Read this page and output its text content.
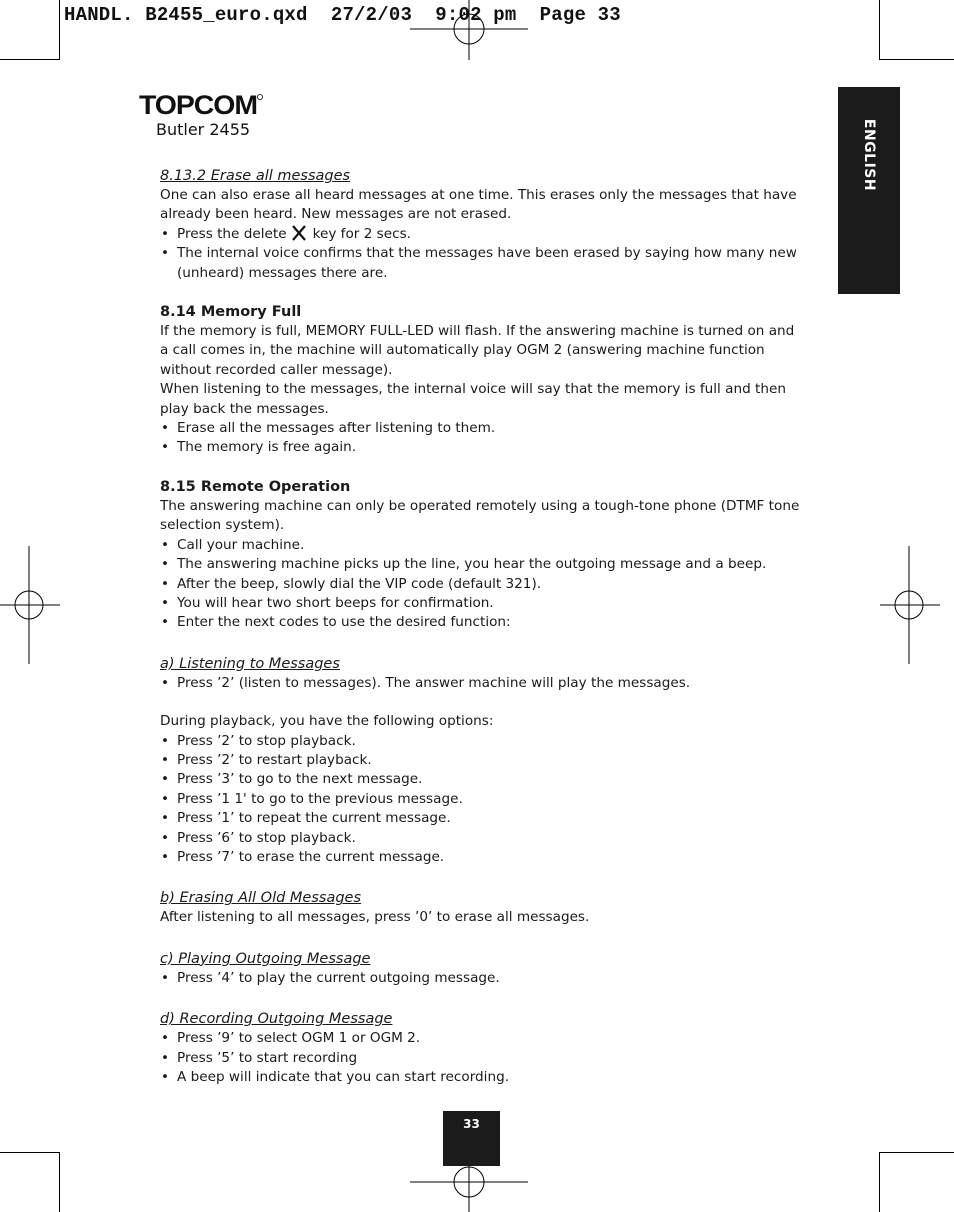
HANDL. B2455_euro.qxd  27/2/03  9:02 pm  Page 33
TOPCOM
Butler 2455	ENGLISH
8.13.2 Erase all messages

One can also erase all heard messages at one time. This erases only the messages that have already been heard. New messages are not erased.

• Press the delete key for 2 secs.
• The internal voice confirms that the messages have been erased by saying how many new (unheard) messages there are.
8.14 Memory Full

If the memory is full, MEMORY FULL-LED will flash. If the answering machine is turned on and a call comes in, the machine will automatically play OGM 2 (answering machine function without recorded caller message).

When listening to the messages, the internal voice will say that the memory is full and then play back the messages.

• Erase all the messages after listening to them.
• The memory is free again.
8.15 Remote Operation

The answering machine can only be operated remotely using a tough-tone phone (DTMF tone selection system).

• Call your machine.
• The answering machine picks up the line, you hear the outgoing message and a beep.
• After the beep, slowly dial the VIP code (default 321).
• You will hear two short beeps for confirmation.
• Enter the next codes to use the desired function:
a) Listening to Messages
• Press ’2’ (listen to messages). The answer machine will play the messages.

During playback, you have the following options:

• Press ’2’ to stop playback.
• Press ’2’ to restart playback.
• Press ’3’ to go to the next message.
• Press ’1 1' to go to the previous message.
• Press ’1’ to repeat the current message.
• Press ’6’ to stop playback.
• Press ’7’ to erase the current message.
b) Erasing All Old Messages

After listening to all messages, press ’0’ to erase all messages.

c) Playing Outgoing Message
• Press ’4’ to play the current outgoing message.
d) Recording Outgoing Message
• Press ’9’ to select OGM 1 or OGM 2.
• Press ’5’ to start recording
• A beep will indicate that you can start recording.
33
